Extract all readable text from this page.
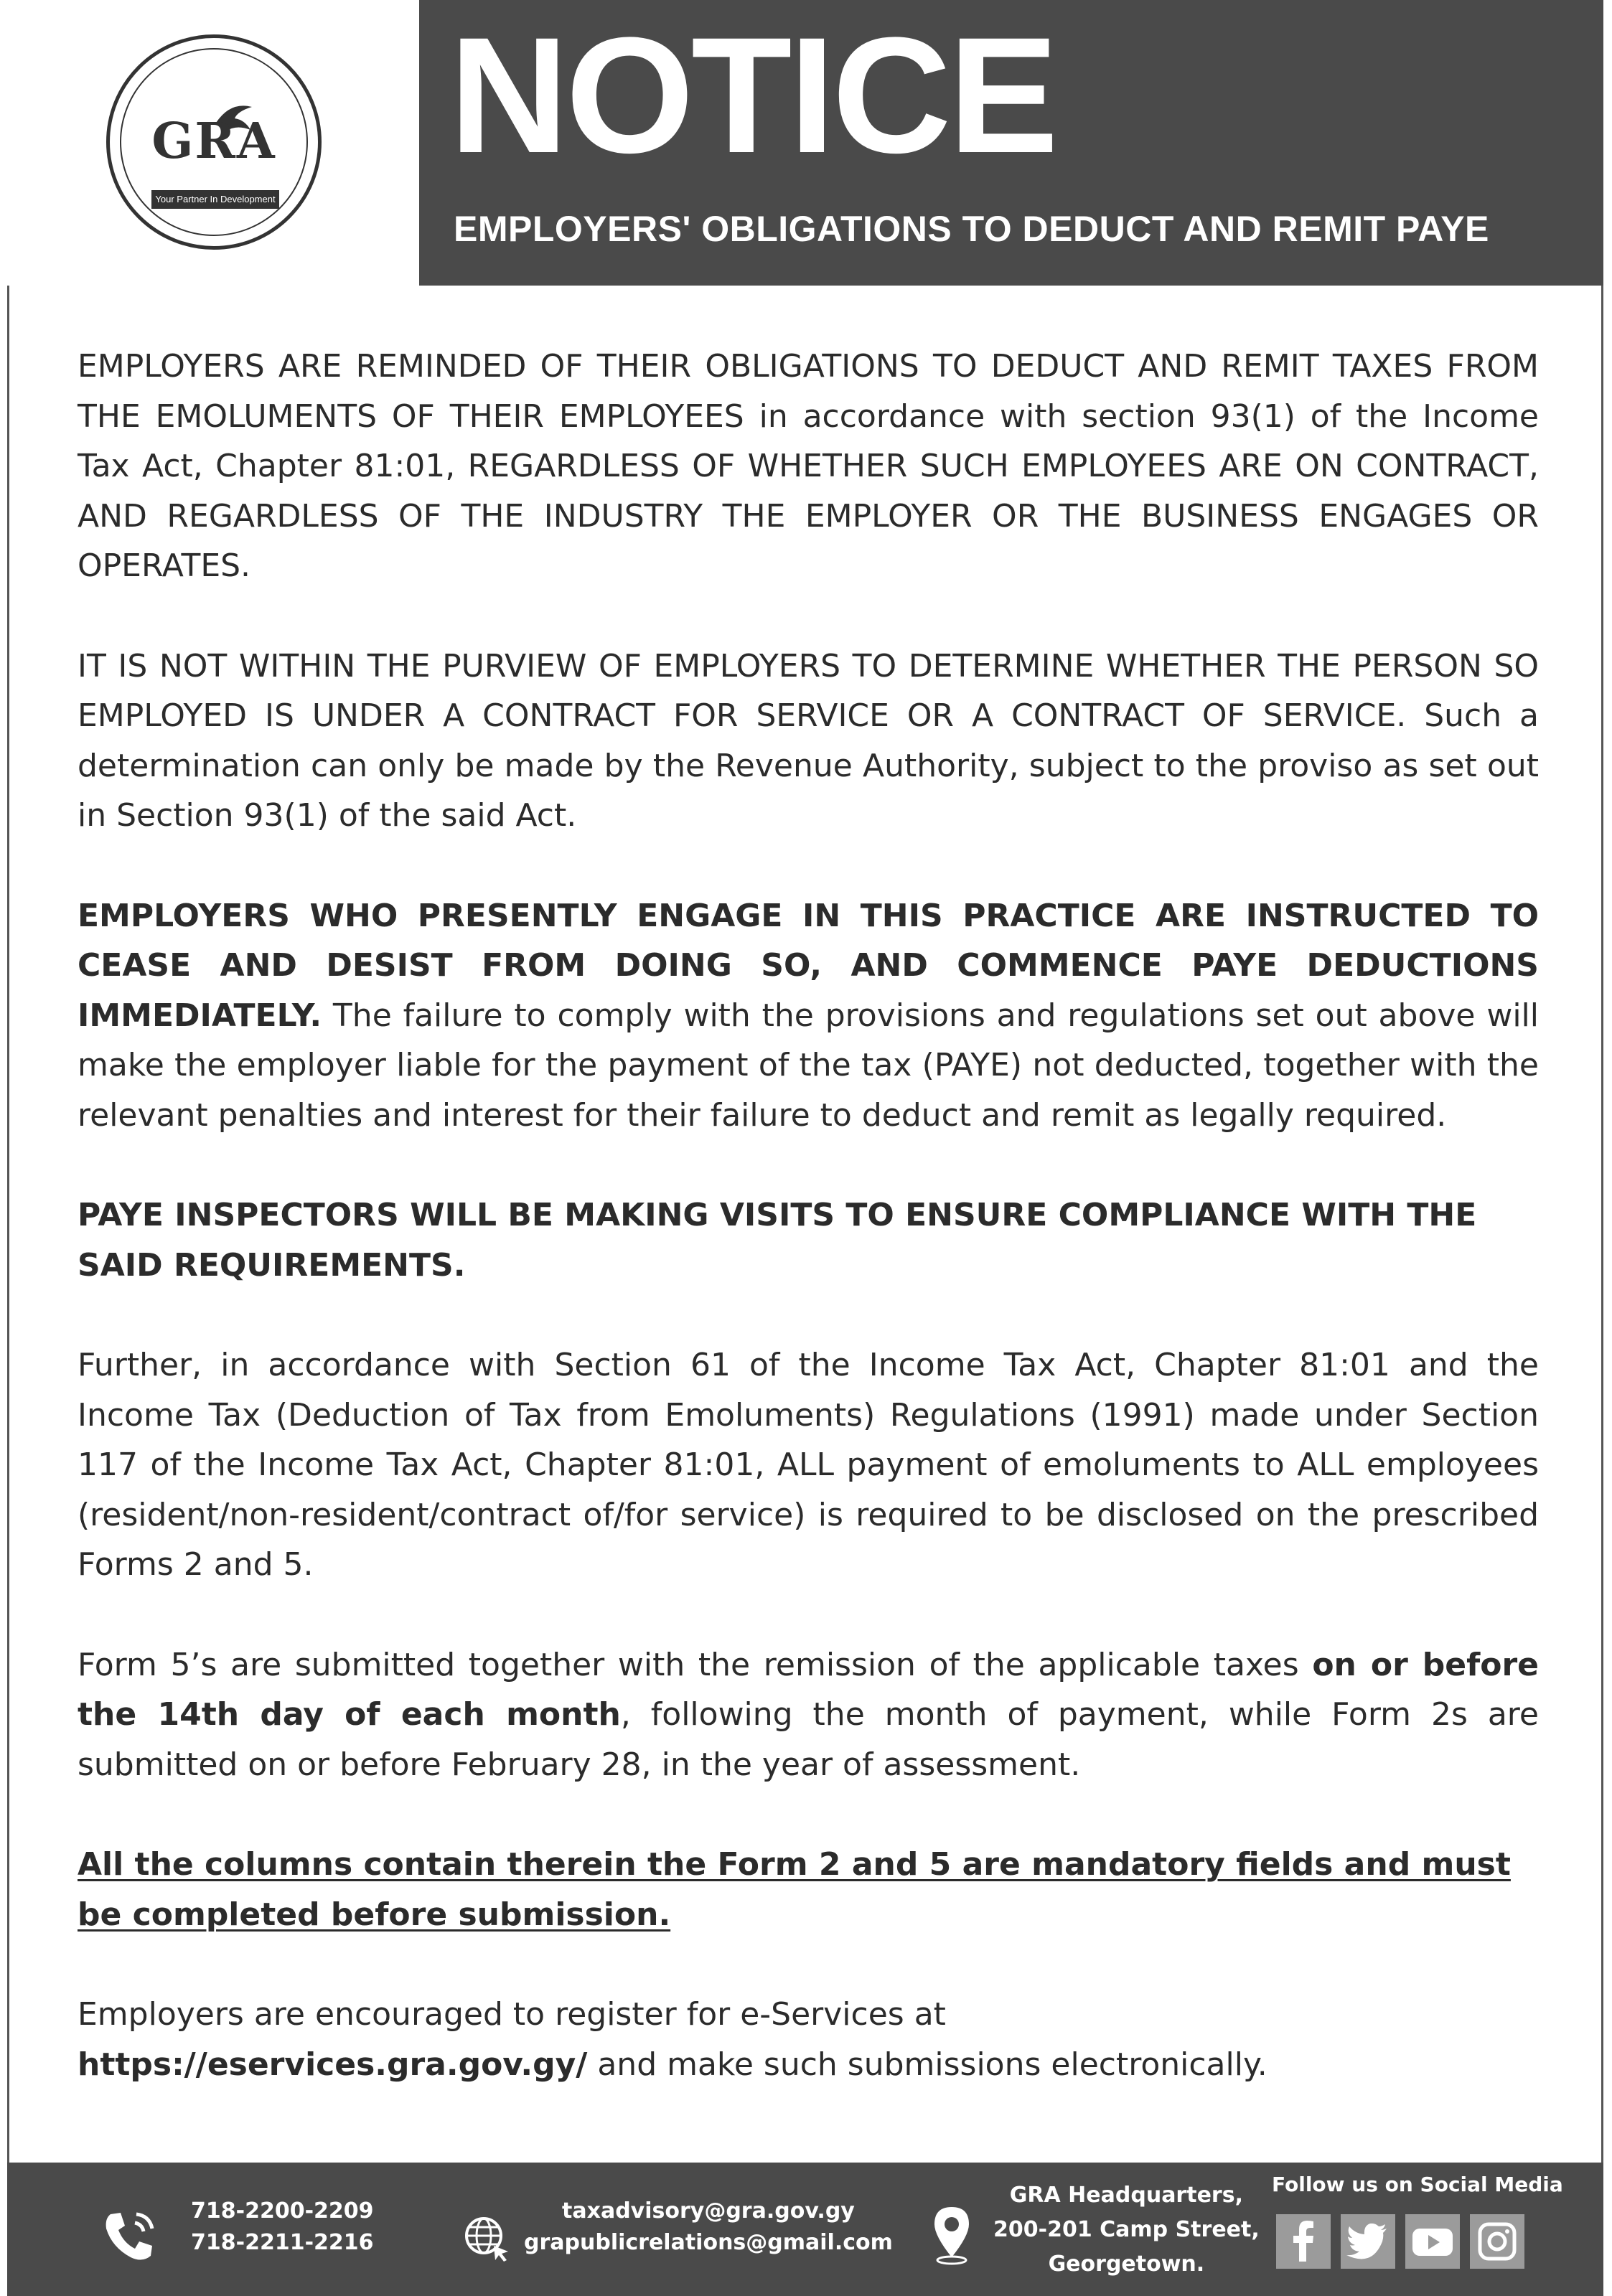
GRA
Your Partner In Development
NOTICE
EMPLOYERS' OBLIGATIONS TO DEDUCT AND REMIT PAYE

EMPLOYERS ARE REMINDED OF THEIR OBLIGATIONS TO DEDUCT AND REMIT TAXES FROM THE EMOLUMENTS OF THEIR EMPLOYEES in accordance with section 93(1) of the Income Tax Act, Chapter 81:01, REGARDLESS OF WHETHER SUCH EMPLOYEES ARE ON CONTRACT, AND REGARDLESS OF THE INDUSTRY THE EMPLOYER OR THE BUSINESS ENGAGES OR OPERATES.

IT IS NOT WITHIN THE PURVIEW OF EMPLOYERS TO DETERMINE WHETHER THE PERSON SO EMPLOYED IS UNDER A CONTRACT FOR SERVICE OR A CONTRACT OF SERVICE. Such a determination can only be made by the Revenue Authority, subject to the proviso as set out in Section 93(1) of the said Act.

EMPLOYERS WHO PRESENTLY ENGAGE IN THIS PRACTICE ARE INSTRUCTED TO CEASE AND DESIST FROM DOING SO, AND COMMENCE PAYE DEDUCTIONS IMMEDIATELY. The failure to comply with the provisions and regulations set out above will make the employer liable for the payment of the tax (PAYE) not deducted, together with the relevant penalties and interest for their failure to deduct and remit as legally required.

PAYE INSPECTORS WILL BE MAKING VISITS TO ENSURE COMPLIANCE WITH THE SAID REQUIREMENTS.

Further, in accordance with Section 61 of the Income Tax Act, Chapter 81:01 and the Income Tax (Deduction of Tax from Emoluments) Regulations (1991) made under Section 117 of the Income Tax Act, Chapter 81:01, ALL payment of emoluments to ALL employees (resident/non-resident/contract of/for service) is required to be disclosed on the prescribed Forms 2 and 5.

Form 5’s are submitted together with the remission of the applicable taxes on or before the 14th day of each month, following the month of payment, while Form 2s are submitted on or before February 28, in the year of assessment.

All the columns contain therein the Form 2 and 5 are mandatory fields and must be completed before submission.

Employers are encouraged to register for e-Services at
https://eservices.gra.gov.gy/ and make such submissions electronically.

718-2200-2209
718-2211-2216
taxadvisory@gra.gov.gy
grapublicrelations@gmail.com
GRA Headquarters,
200-201 Camp Street,
Georgetown.
Follow us on Social Media
